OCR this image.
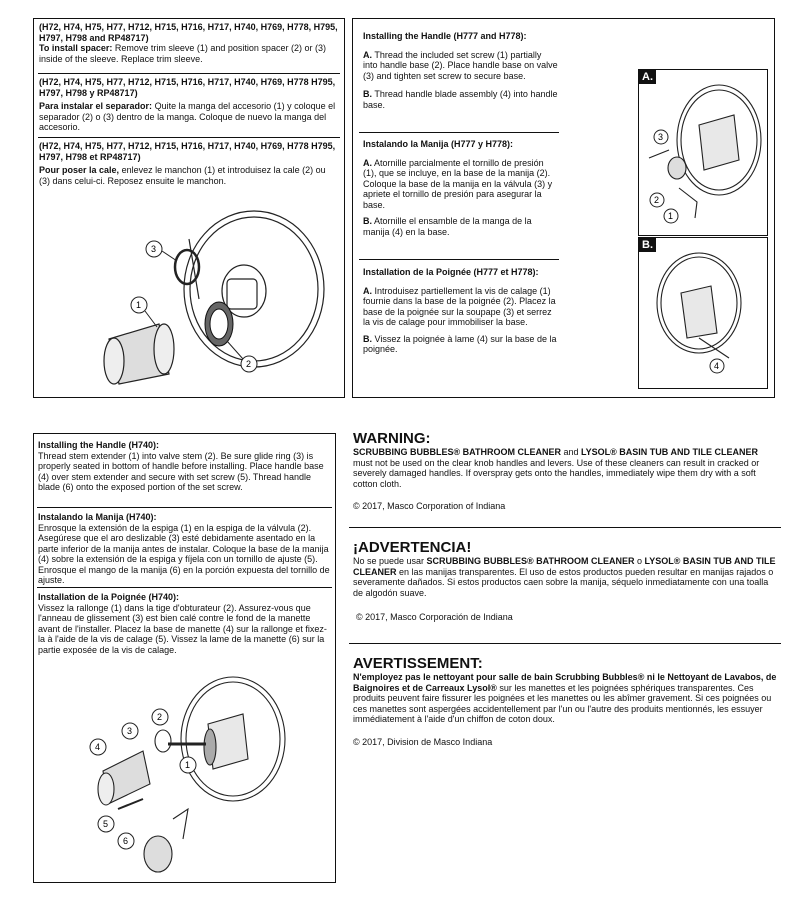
(H72, H74, H75, H77, H712, H715, H716, H717, H740, H769, H778, H795, H797, H798 and RP48717)

To install spacer: Remove trim sleeve (1) and position spacer (2) or (3) inside of the sleeve. Replace trim sleeve.

(H72, H74, H75, H77, H712, H715, H716, H717, H740, H769, H778 H795, H797, H798 y RP48717)

Para instalar el separador: Quite la manga del accesorio (1) y coloque el separador (2) o (3) dentro de la manga. Coloque de nuevo la manga del accesorio.

(H72, H74, H75, H77, H712, H715, H716, H717, H740, H769, H778 H795, H797, H798 et RP48717)

Pour poser la cale, enlevez le manchon (1) et introduisez la cale (2) ou (3) dans celui-ci. Reposez ensuite le manchon.

3
1
2

Installing the Handle (H777 and H778):

A. Thread the included set screw (1) partially into handle base (2). Place handle base on valve (3) and tighten set screw to secure base.

B. Thread handle blade assembly (4) into handle base.

Instalando la Manija (H777 y H778):

A. Atornille parcialmente el tornillo de presión (1), que se incluye, en la base de la manija (2). Coloque la base de la manija en la válvula (3) y apriete el tornillo de presión para asegurar la base.

B. Atornille el ensamble de la manga de la manija (4) en la base.

Installation de la Poignée (H777 et H778):

A. Introduisez partiellement la vis de calage (1) fournie dans la base de la poignée (2). Placez la base de la poignée sur la soupape (3) et serrez la vis de calage pour immobiliser la base.

B. Vissez la poignée à lame (4) sur la base de la poignée.

A.
3
2
1
B.
4

Installing the Handle (H740):

Thread stem extender (1) into valve stem (2). Be sure glide ring (3) is properly seated in bottom of handle before installing. Place handle base (4) over stem extender and secure with set screw (5). Thread handle blade (6) onto the exposed portion of the set screw.

Instalando la Manija (H740):

Enrosque la extensión de la espiga (1) en la espiga de la válvula (2). Asegúrese que el aro deslizable (3) esté debidamente asentado en la parte inferior de la manija antes de instalar. Coloque la base de la manija (4) sobre la extensión de la espiga y fíjela con un tornillo de ajuste (5). Enrosque el mango de la manija (6) en la porción expuesta del tornillo de ajuste.

Installation de la Poignée (H740):

Vissez la rallonge (1) dans la tige d'obturateur (2). Assurez-vous que l'anneau de glissement (3) est bien calé contre le fond de la manette avant de l'installer. Placez la base de manette (4) sur la rallonge et fixez-la à l'aide de la vis de calage (5). Vissez la lame de la manette (6) sur la partie exposée de la vis de calage.

4
3
2
1
5
6

WARNING:

SCRUBBING BUBBLES® BATHROOM CLEANER and LYSOL® BASIN TUB AND TILE CLEANER must not be used on the clear knob handles and levers. Use of these cleaners can result in cracked or severely damaged handles. If overspray gets onto the handles, immediately wipe them dry with a soft cotton cloth.

© 2017, Masco Corporation of Indiana

¡ADVERTENCIA!

No se puede usar SCRUBBING BUBBLES® BATHROOM CLEANER o LYSOL® BASIN TUB AND TILE CLEANER en las manijas transparentes. El uso de estos productos pueden resultar en manijas rajados o severamente dañados. Si estos productos caen sobre la manija, séquelo inmediatamente con una toalla de algodón suave.

© 2017, Masco Corporación de Indiana

AVERTISSEMENT:

N'employez pas le nettoyant pour salle de bain Scrubbing Bubbles® ni le Nettoyant de Lavabos, de Baignoires et de Carreaux Lysol® sur les manettes et les poignées sphériques transparentes. Ces produits peuvent faire fissurer les poignées et les manettes ou les abîmer gravement. Si ces poignées ou ces manettes sont aspergées accidentellement par l'un ou l'autre des produits mentionnés, les essuyer immédiatement à l'aide d'un chiffon de coton doux.

© 2017, Division de Masco Indiana
